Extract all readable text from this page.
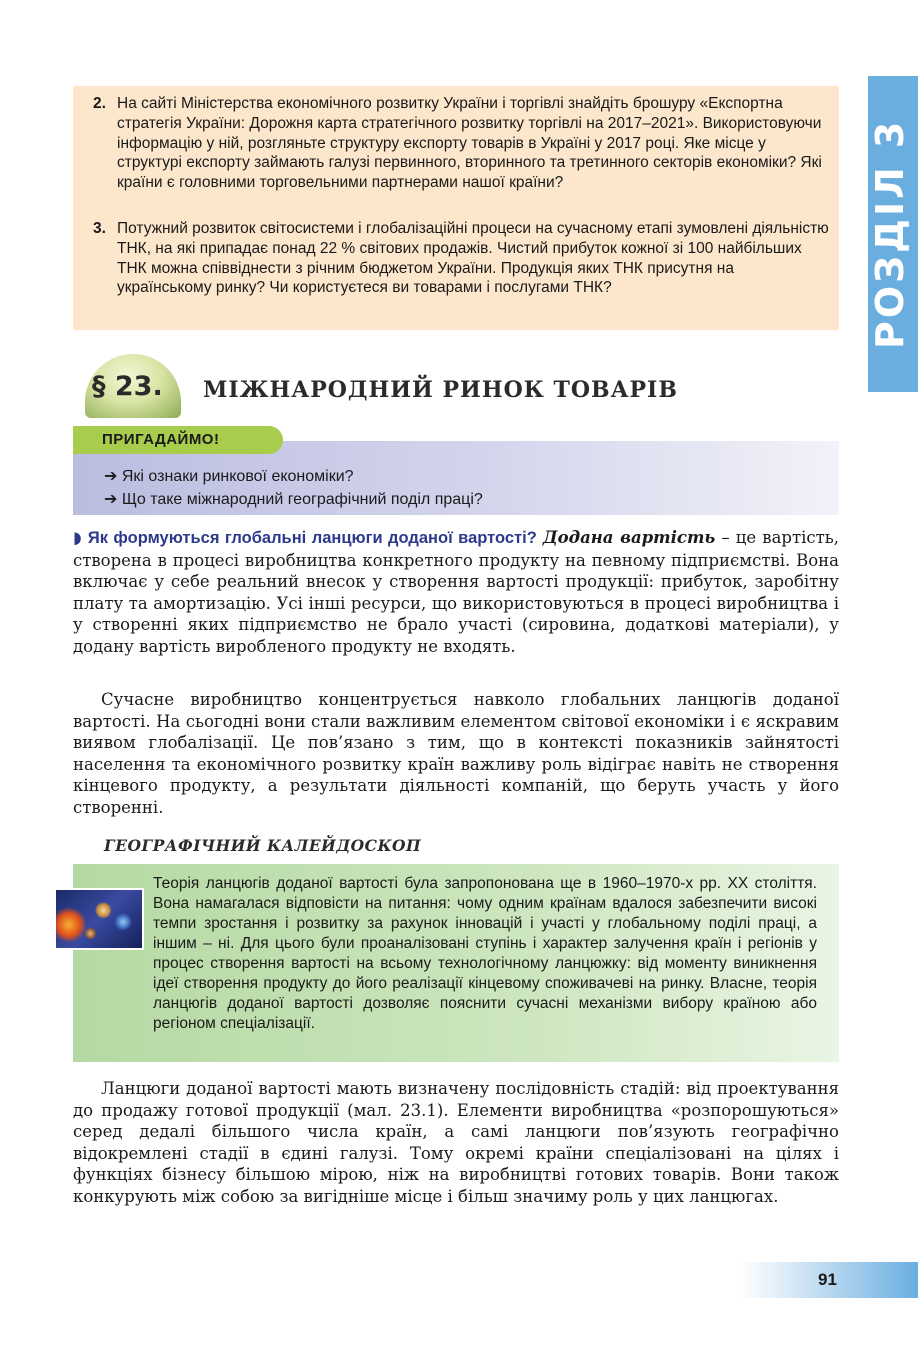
РОЗДІЛ 3
2. На сайті Міністерства економічного розвитку України і торгівлі знайдіть брошуру «Експортна стратегія України: Дорожня карта стратегічного розвитку торгівлі на 2017–2021». Використовуючи інформацію у ній, розгляньте структуру експорту товарів в Україні у 2017 році. Яке місце у структурі експорту займають галузі первинного, вторинного та третинного секторів економіки? Які країни є головними торговельними партнерами нашої країни?
3. Потужний розвиток світосистеми і глобалізаційні процеси на сучасному етапі зумовлені діяльністю ТНК, на які припадає понад 22 % світових продажів. Чистий прибуток кожної зі 100 найбільших ТНК можна співвіднести з річним бюджетом України. Продукція яких ТНК присутня на українському ринку? Чи користуєтеся ви товарами і послугами ТНК?
§ 23. МІЖНАРОДНИЙ РИНОК ТОВАРІВ
ПРИГАДАЙМО!
➔ Які ознаки ринкової економіки?
➔ Що таке міжнародний географічний поділ праці?
◗ Як формуються глобальні ланцюги доданої вартості? Додана вартість – це вартість, створена в процесі виробництва конкретного продукту на певному підприємстві. Вона включає у себе реальний внесок у створення вартості продукції: прибуток, заробітну плату та амортизацію. Усі інші ресурси, що використовуються в процесі виробництва і у створенні яких підприємство не брало участі (сировина, додаткові матеріали), у додану вартість виробленого продукту не входять.
Сучасне виробництво концентрується навколо глобальних ланцюгів доданої вартості. На сьогодні вони стали важливим елементом світової економіки і є яскравим виявом глобалізації. Це пов’язано з тим, що в контексті показників зайнятості населення та економічного розвитку країн важливу роль відіграє навіть не створення кінцевого продукту, а результати діяльності компаній, що беруть участь у його створенні.
ГЕОГРАФІЧНИЙ КАЛЕЙДОСКОП
Теорія ланцюгів доданої вартості була запропонована ще в 1960–1970-х рр. XX століття. Вона намагалася відповісти на питання: чому одним країнам вдалося забезпечити високі темпи зростання і розвитку за рахунок інновацій і участі у глобальному поділі праці, а іншим – ні. Для цього були проаналізовані ступінь і характер залучення країн і регіонів у процес створення вартості на всьому технологічному ланцюжку: від моменту виникнення ідеї створення продукту до його реалізації кінцевому споживачеві на ринку. Власне, теорія ланцюгів доданої вартості дозволяє пояснити сучасні механізми вибору країною або регіоном спеціалізації.
Ланцюги доданої вартості мають визначену послідовність стадій: від проектування до продажу готової продукції (мал. 23.1). Елементи виробництва «розпорошуються» серед дедалі більшого числа країн, а самі ланцюги пов’язують географічно відокремлені стадії в єдині галузі. Тому окремі країни спеціалізовані на цілях і функціях бізнесу більшою мірою, ніж на виробництві готових товарів. Вони також конкурують між собою за вигідніше місце і більш значиму роль у цих ланцюгах.
91
